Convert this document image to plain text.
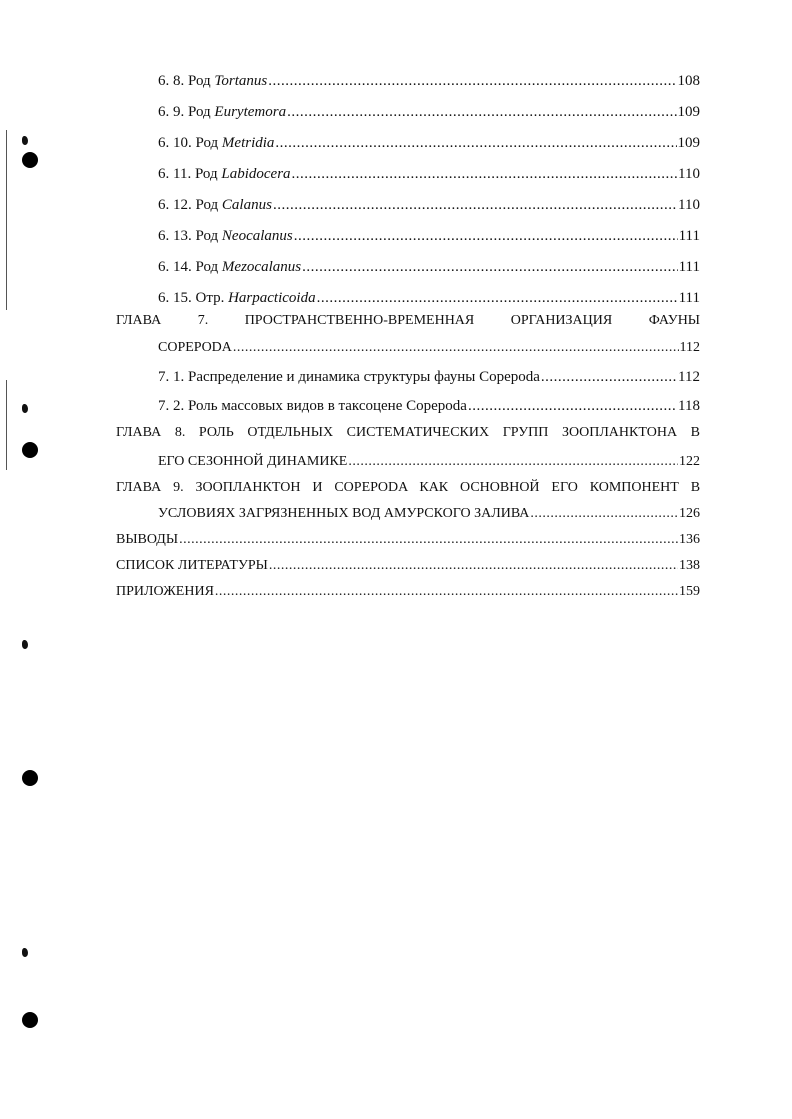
6. 8. Род Tortanus .....	108
6. 9. Род Eurytemora .....	109
6. 10. Род Metridia .....	109
6. 11. Род Labidocera .....	110
6. 12. Род Calanus .....	110
6. 13. Род Neocalanus .....	111
6. 14. Род Mezocalanus .....	111
6. 15. Отр. Harpacticoida .....	111
ГЛАВА	7.	ПРОСТРАНСТВЕННО-ВРЕМЕННАЯ	ОРГАНИЗАЦИЯ	ФАУНЫ
COPEPODA .....	112
7. 1. Распределение и динамика структуры фауны Copepoda .....	112
7. 2. Роль массовых видов в таксоцене Copepoda .....	118
ГЛАВА 8. РОЛЬ ОТДЕЛЬНЫХ СИСТЕМАТИЧЕСКИХ ГРУПП ЗООПЛАНКТОНА В
ЕГО СЕЗОННОЙ ДИНАМИКЕ .....	122
ГЛАВА 9. ЗООПЛАНКТОН И COPEPODA КАК ОСНОВНОЙ ЕГО КОМПОНЕНТ В
УСЛОВИЯХ ЗАГРЯЗНЕННЫХ ВОД АМУРСКОГО ЗАЛИВА .....	126
ВЫВОДЫ .....	136
СПИСОК ЛИТЕРАТУРЫ .....	138
ПРИЛОЖЕНИЯ .....	159
